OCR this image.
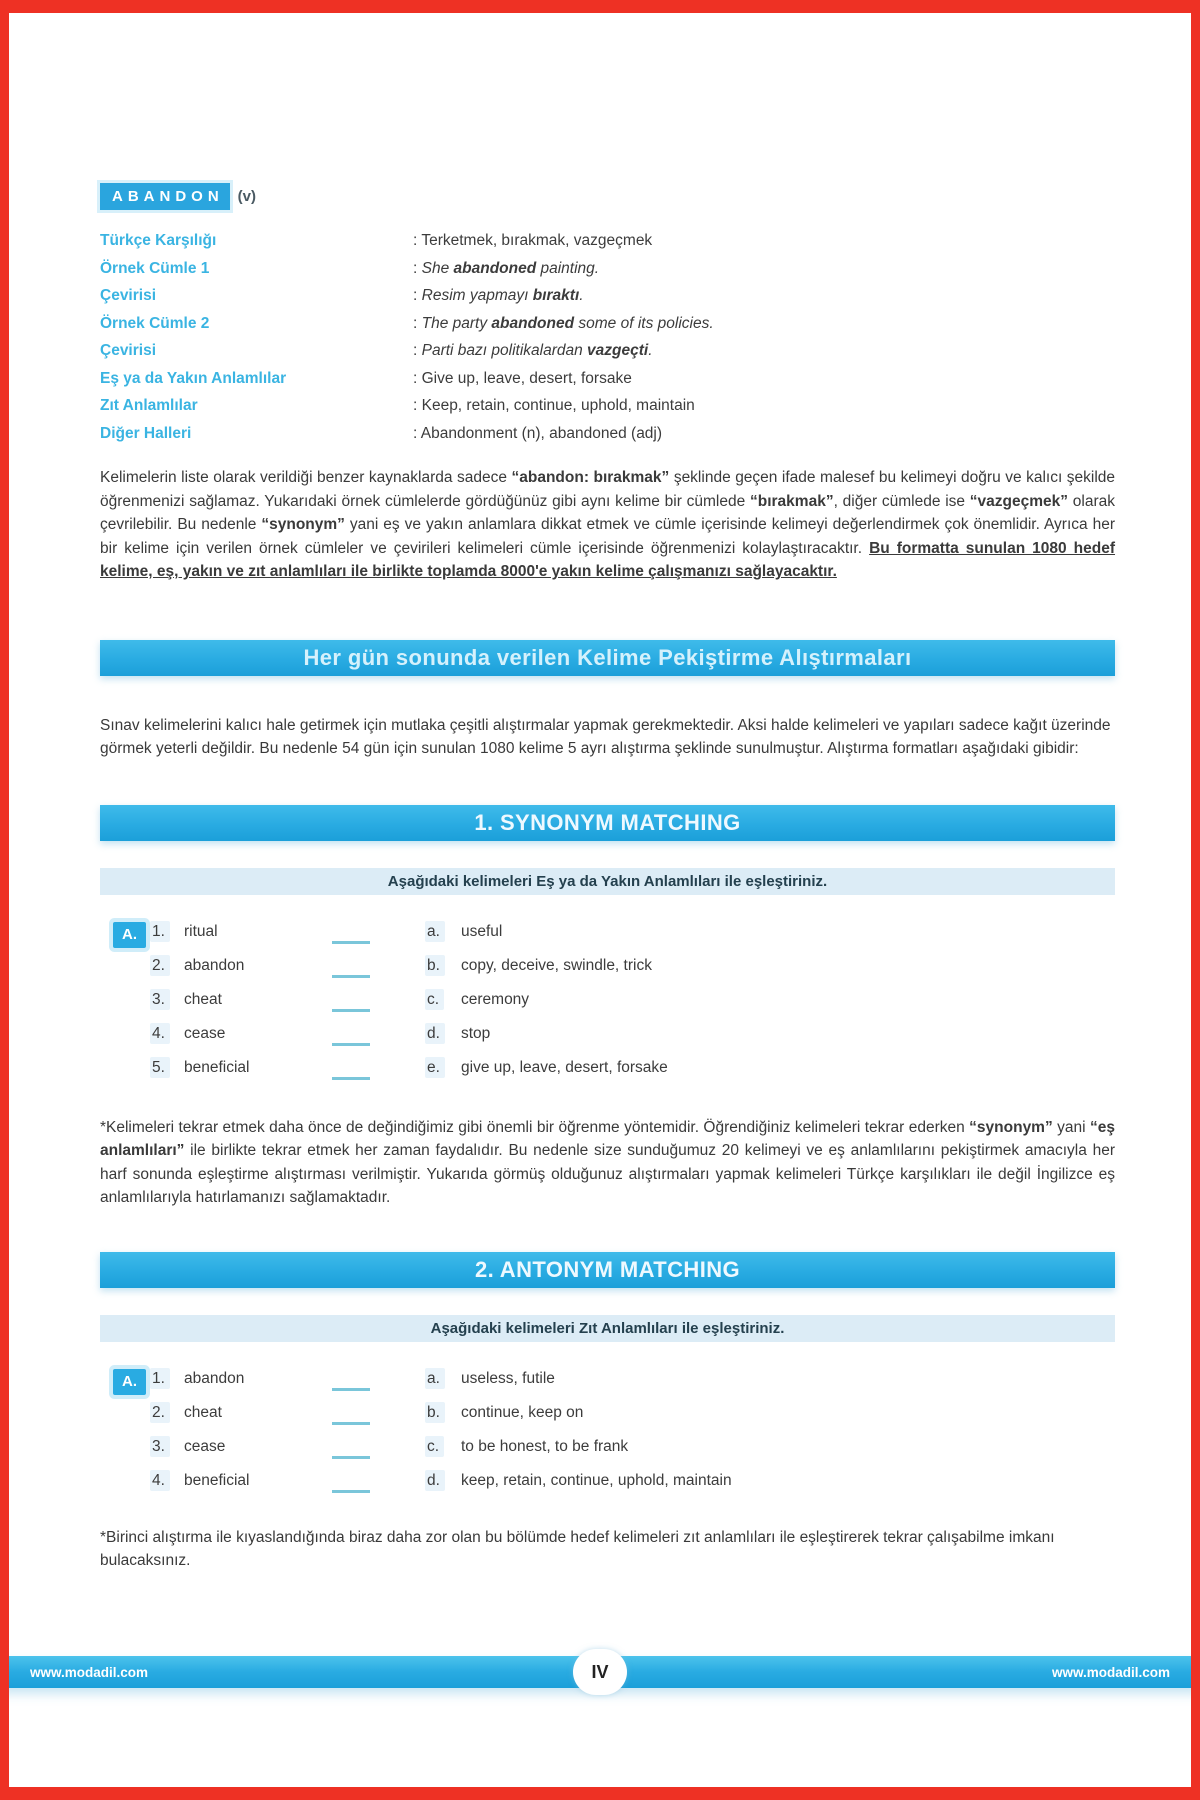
ABANDON (v)
Türkçe Karşılığı	: Terketmek, bırakmak, vazgeçmek
Örnek Cümle 1	: She abandoned painting.
Çevirisi	: Resim yapmayı bıraktı.
Örnek Cümle 2	: The party abandoned some of its policies.
Çevirisi	: Parti bazı politikalardan vazgeçti.
Eş ya da Yakın Anlamlılar	: Give up, leave, desert, forsake
Zıt Anlamlılar	: Keep, retain, continue, uphold, maintain
Diğer Halleri	: Abandonment (n), abandoned (adj)
Kelimelerin liste olarak verildiği benzer kaynaklarda sadece “abandon: bırakmak” şeklinde geçen ifade malesef bu kelimeyi doğru ve kalıcı şekilde öğrenmenizi sağlamaz. Yukarıdaki örnek cümlelerde gördüğünüz gibi aynı kelime bir cümlede “bırakmak”, diğer cümlede ise “vazgeçmek” olarak çevrilebilir. Bu nedenle “synonym” yani eş ve yakın anlamlara dikkat etmek ve cümle içerisinde kelimeyi değerlendirmek çok önemlidir. Ayrıca her bir kelime için verilen örnek cümleler ve çevirileri kelimeleri cümle içerisinde öğrenmenizi kolaylaştıracaktır. Bu formatta sunulan 1080 hedef kelime, eş, yakın ve zıt anlamlıları ile birlikte toplamda 8000'e yakın kelime çalışmanızı sağlayacaktır.
Her gün sonunda verilen Kelime Pekiştirme Alıştırmaları
Sınav kelimelerini kalıcı hale getirmek için mutlaka çeşitli alıştırmalar yapmak gerekmektedir. Aksi halde kelimeleri ve yapıları sadece kağıt üzerinde görmek yeterli değildir. Bu nedenle 54 gün için sunulan 1080 kelime 5 ayrı alıştırma şeklinde sunulmuştur. Alıştırma formatları aşağıdaki gibidir:
1. SYNONYM MATCHING
Aşağıdaki kelimeleri Eş ya da Yakın Anlamlıları ile eşleştiriniz.
A. 1.	ritual	a.	useful
2.	abandon	b.	copy, deceive, swindle, trick
3.	cheat	c.	ceremony
4.	cease	d.	stop
5.	beneficial	e.	give up, leave, desert, forsake
*Kelimeleri tekrar etmek daha önce de değindiğimiz gibi önemli bir öğrenme yöntemidir. Öğrendiğiniz kelimeleri tekrar ederken “synonym” yani “eş anlamlıları” ile birlikte tekrar etmek her zaman faydalıdır. Bu nedenle size sunduğumuz 20 kelimeyi ve eş anlamlılarını pekiştirmek amacıyla her harf sonunda eşleştirme alıştırması verilmiştir. Yukarıda görmüş olduğunuz alıştırmaları yapmak kelimeleri Türkçe karşılıkları ile değil İngilizce eş anlamlılarıyla hatırlamanızı sağlamaktadır.
2. ANTONYM MATCHING
Aşağıdaki kelimeleri Zıt Anlamlıları ile eşleştiriniz.
A. 1.	abandon	a.	useless, futile
2.	cheat	b.	continue, keep on
3.	cease	c.	to be honest, to be frank
4.	beneficial	d.	keep, retain, continue, uphold, maintain
*Birinci alıştırma ile kıyaslandığında biraz daha zor olan bu bölümde hedef kelimeleri zıt anlamlıları ile eşleştirerek tekrar çalışabilme imkanı bulacaksınız.
www.modadil.com	IV	www.modadil.com
